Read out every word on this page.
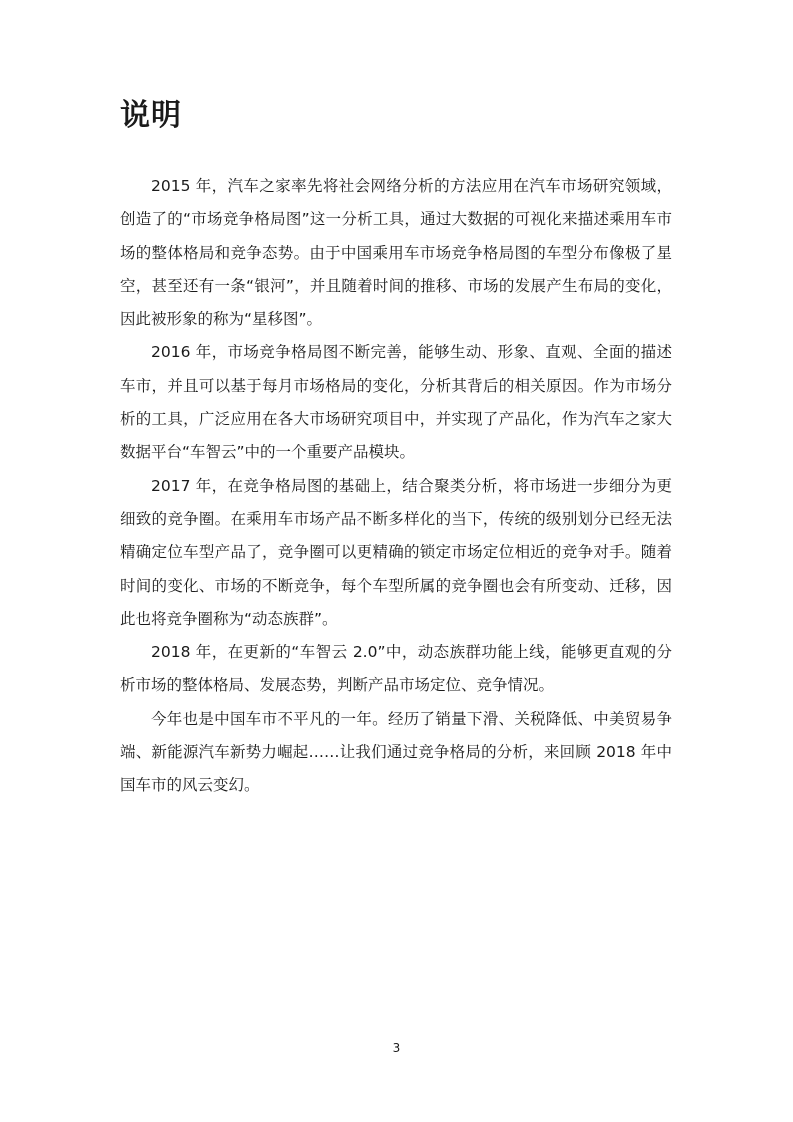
说明

2015 年，汽车之家率先将社会网络分析的方法应用在汽车市场研究领域，创造了的“市场竞争格局图”这一分析工具，通过大数据的可视化来描述乘用车市场的整体格局和竞争态势。由于中国乘用车市场竞争格局图的车型分布像极了星空，甚至还有一条“银河”，并且随着时间的推移、市场的发展产生布局的变化，因此被形象的称为“星移图”。

2016 年，市场竞争格局图不断完善，能够生动、形象、直观、全面的描述车市，并且可以基于每月市场格局的变化，分析其背后的相关原因。作为市场分析的工具，广泛应用在各大市场研究项目中，并实现了产品化，作为汽车之家大数据平台“车智云”中的一个重要产品模块。

2017 年，在竞争格局图的基础上，结合聚类分析，将市场进一步细分为更细致的竞争圈。在乘用车市场产品不断多样化的当下，传统的级别划分已经无法精确定位车型产品了，竞争圈可以更精确的锁定市场定位相近的竞争对手。随着时间的变化、市场的不断竞争，每个车型所属的竞争圈也会有所变动、迁移，因此也将竞争圈称为“动态族群”。

2018 年，在更新的“车智云 2.0”中，动态族群功能上线，能够更直观的分析市场的整体格局、发展态势，判断产品市场定位、竞争情况。

今年也是中国车市不平凡的一年。经历了销量下滑、关税降低、中美贸易争端、新能源汽车新势力崛起……让我们通过竞争格局的分析，来回顾 2018 年中国车市的风云变幻。

3
